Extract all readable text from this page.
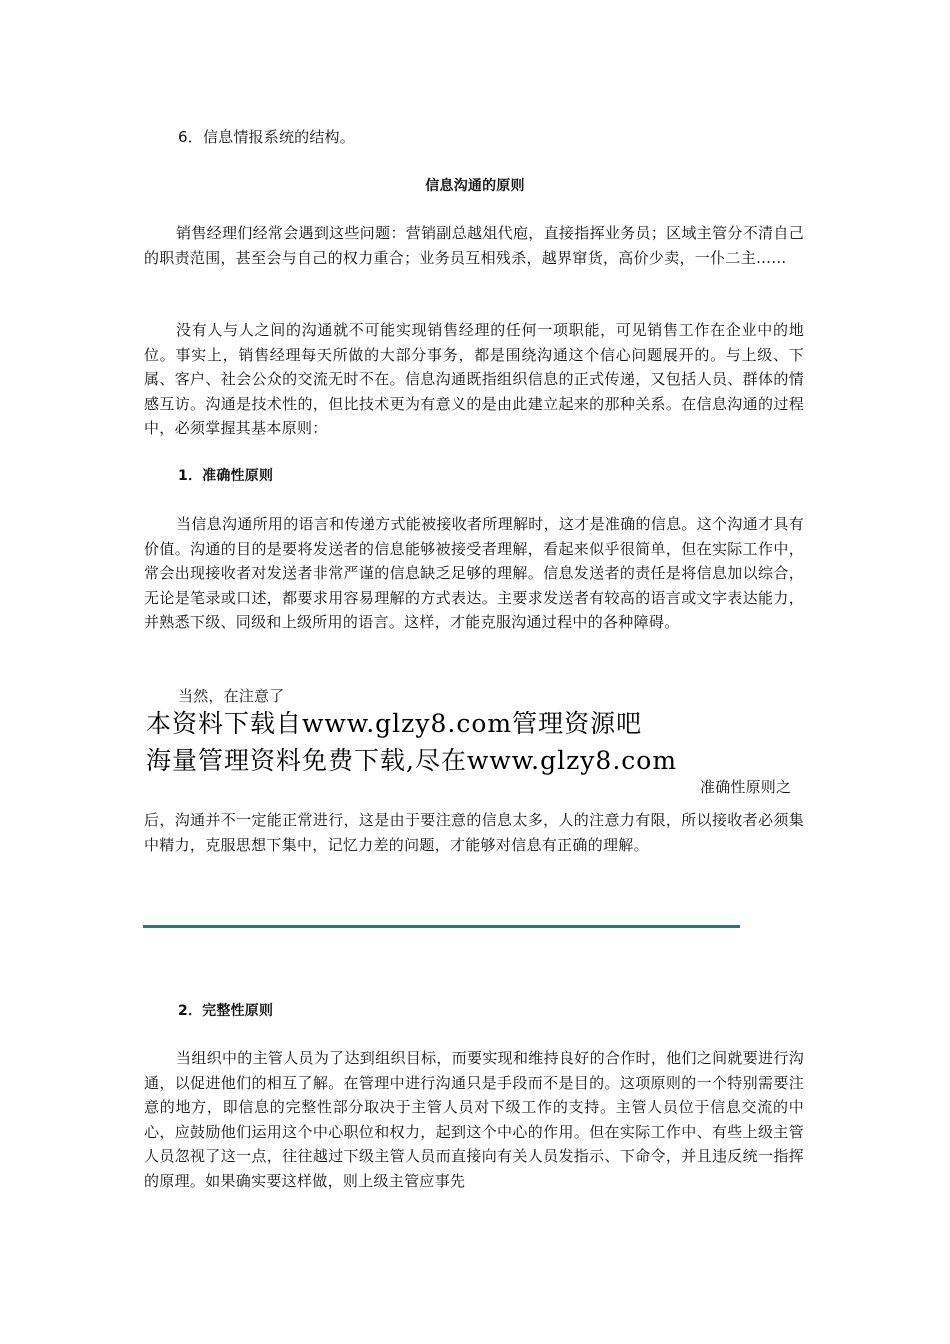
6．信息情报系统的结构。

信息沟通的原则

销售经理们经常会遇到这些问题：营销副总越俎代庖，直接指挥业务员；区域主管分不清自己的职责范围，甚至会与自己的权力重合；业务员互相残杀，越界窜货，高价少卖，一仆二主……

没有人与人之间的沟通就不可能实现销售经理的任何一项职能，可见销售工作在企业中的地位。事实上，销售经理每天所做的大部分事务，都是围绕沟通这个信心问题展开的。与上级、下属、客户、社会公众的交流无时不在。信息沟通既指组织信息的正式传递，又包括人员、群体的情感互访。沟通是技术性的，但比技术更为有意义的是由此建立起来的那种关系。在信息沟通的过程中，必须掌握其基本原则：

1．准确性原则

当信息沟通所用的语言和传递方式能被接收者所理解时，这才是准确的信息。这个沟通才具有价值。沟通的目的是要将发送者的信息能够被接受者理解，看起来似乎很简单，但在实际工作中，常会出现接收者对发送者非常严谨的信息缺乏足够的理解。信息发送者的责任是将信息加以综合，无论是笔录或口述，都要求用容易理解的方式表达。主要求发送者有较高的语言或文字表达能力，并熟悉下级、同级和上级所用的语言。这样，才能克服沟通过程中的各种障碍。

当然，在注意了

本资料下载自www.glzy8.com管理资源吧

海量管理资料免费下载,尽在www.glzy8.com

准确性原则之

后，沟通并不一定能正常进行，这是由于要注意的信息太多，人的注意力有限，所以接收者必须集中精力，克服思想下集中，记忆力差的问题，才能够对信息有正确的理解。

2．完整性原则

当组织中的主管人员为了达到组织目标，而要实现和维持良好的合作时，他们之间就要进行沟通，以促进他们的相互了解。在管理中进行沟通只是手段而不是目的。这项原则的一个特别需要注意的地方，即信息的完整性部分取决于主管人员对下级工作的支持。主管人员位于信息交流的中心，应鼓励他们运用这个中心职位和权力，起到这个中心的作用。但在实际工作中、有些上级主管人员忽视了这一点，往往越过下级主管人员而直接向有关人员发指示、下命令，并且违反统一指挥的原理。如果确实要这样做，则上级主管应事先
